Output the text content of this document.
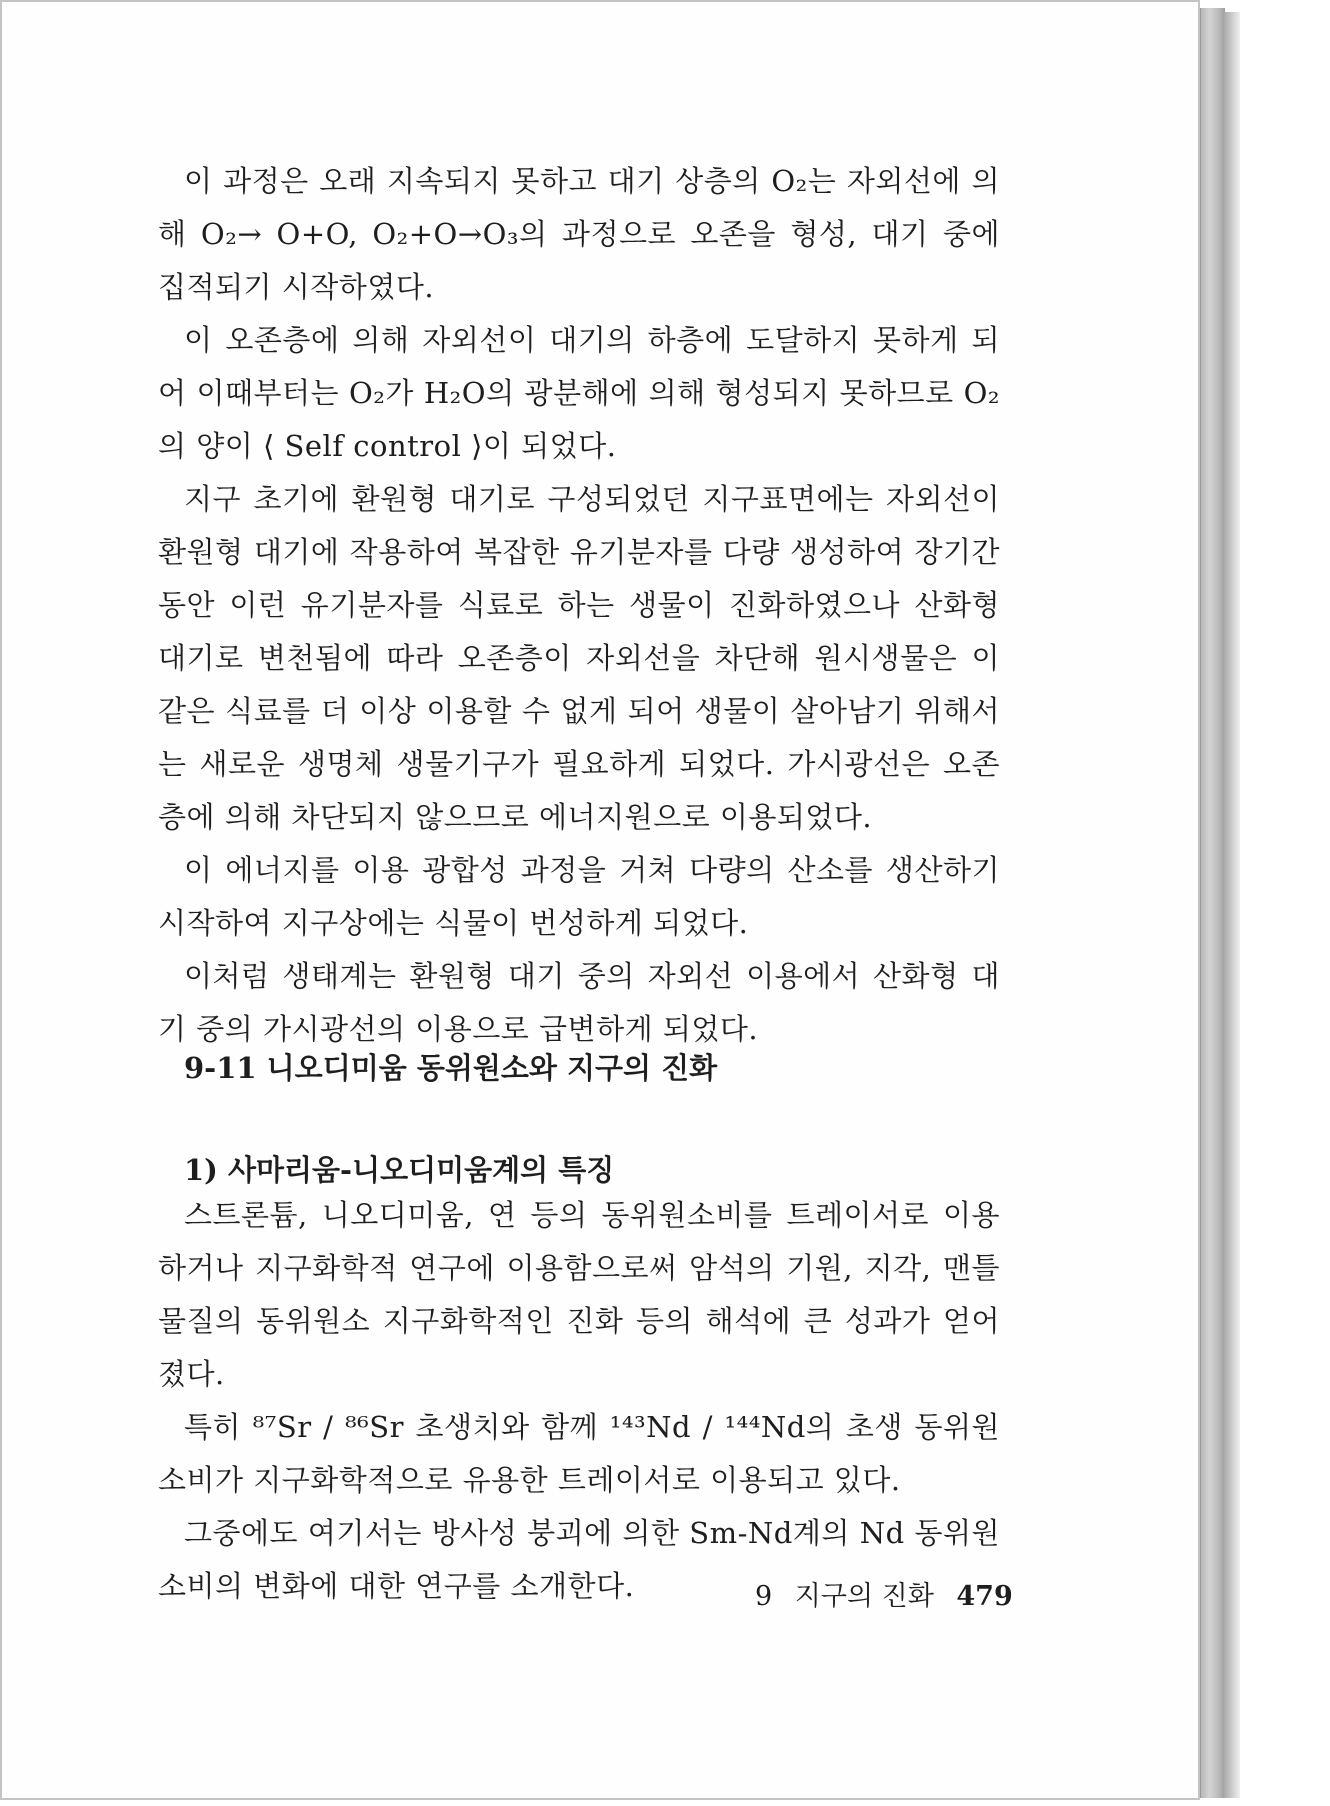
이 과정은 오래 지속되지 못하고 대기 상층의 O₂는 자외선에 의해 O₂→ O+O, O₂+O→O₃의 과정으로 오존을 형성, 대기 중에 집적되기 시작하였다.

이 오존층에 의해 자외선이 대기의 하층에 도달하지 못하게 되어 이때부터는 O₂가 H₂O의 광분해에 의해 형성되지 못하므로 O₂의 양이 ⟨ Self control ⟩이 되었다.

지구 초기에 환원형 대기로 구성되었던 지구표면에는 자외선이 환원형 대기에 작용하여 복잡한 유기분자를 다량 생성하여 장기간 동안 이런 유기분자를 식료로 하는 생물이 진화하였으나 산화형 대기로 변천됨에 따라 오존층이 자외선을 차단해 원시생물은 이 같은 식료를 더 이상 이용할 수 없게 되어 생물이 살아남기 위해서는 새로운 생명체 생물기구가 필요하게 되었다. 가시광선은 오존층에 의해 차단되지 않으므로 에너지원으로 이용되었다.

이 에너지를 이용 광합성 과정을 거쳐 다량의 산소를 생산하기 시작하여 지구상에는 식물이 번성하게 되었다.

이처럼 생태계는 환원형 대기 중의 자외선 이용에서 산화형 대기 중의 가시광선의 이용으로 급변하게 되었다.

9-11 니오디미움 동위원소와 지구의 진화
1) 사마리움-니오디미움계의 특징

스트론튬, 니오디미움, 연 등의 동위원소비를 트레이서로 이용하거나 지구화학적 연구에 이용함으로써 암석의 기원, 지각, 맨틀물질의 동위원소 지구화학적인 진화 등의 해석에 큰 성과가 얻어졌다.

특히 ⁸⁷Sr / ⁸⁶Sr 초생치와 함께 ¹⁴³Nd / ¹⁴⁴Nd의 초생 동위원소비가 지구화학적으로 유용한 트레이서로 이용되고 있다.

그중에도 여기서는 방사성 붕괴에 의한 Sm-Nd계의 Nd 동위원소비의 변화에 대한 연구를 소개한다.	9 지구의 진화 479
